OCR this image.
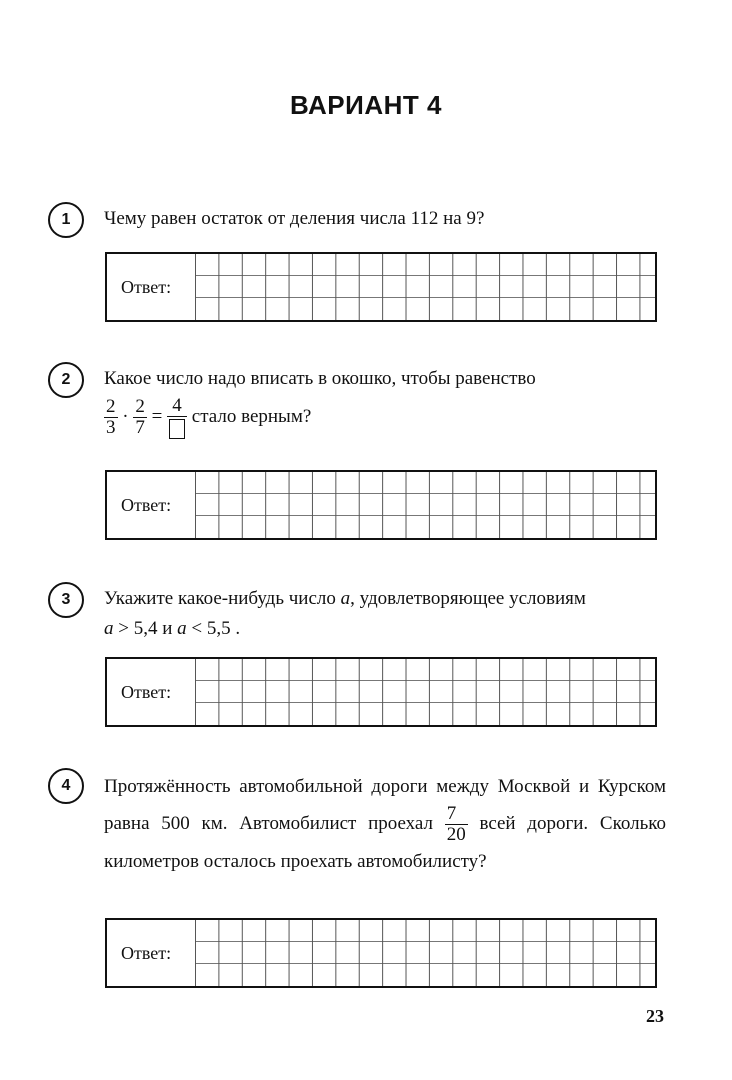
ВАРИАНТ 4
1	Чему равен остаток от деления числа 112 на 9?
Ответ:
2	Какое число надо вписать в окошко, чтобы равенство
$\frac{2}{3} \cdot \frac{2}{7}$ =
4
стало верным?
Ответ:
3	Укажите какое-нибудь число a, удовлетворяющее условиям
a > 5,4 и a < 5,5 .
Ответ:
4	Протяжённость автомобильной дороги между Москвой и Курском равна 500 км. Автомобилист проехал $\frac{7}{20}$ всей дороги. Сколько километров осталось проехать автомобилисту?
Ответ:
23
